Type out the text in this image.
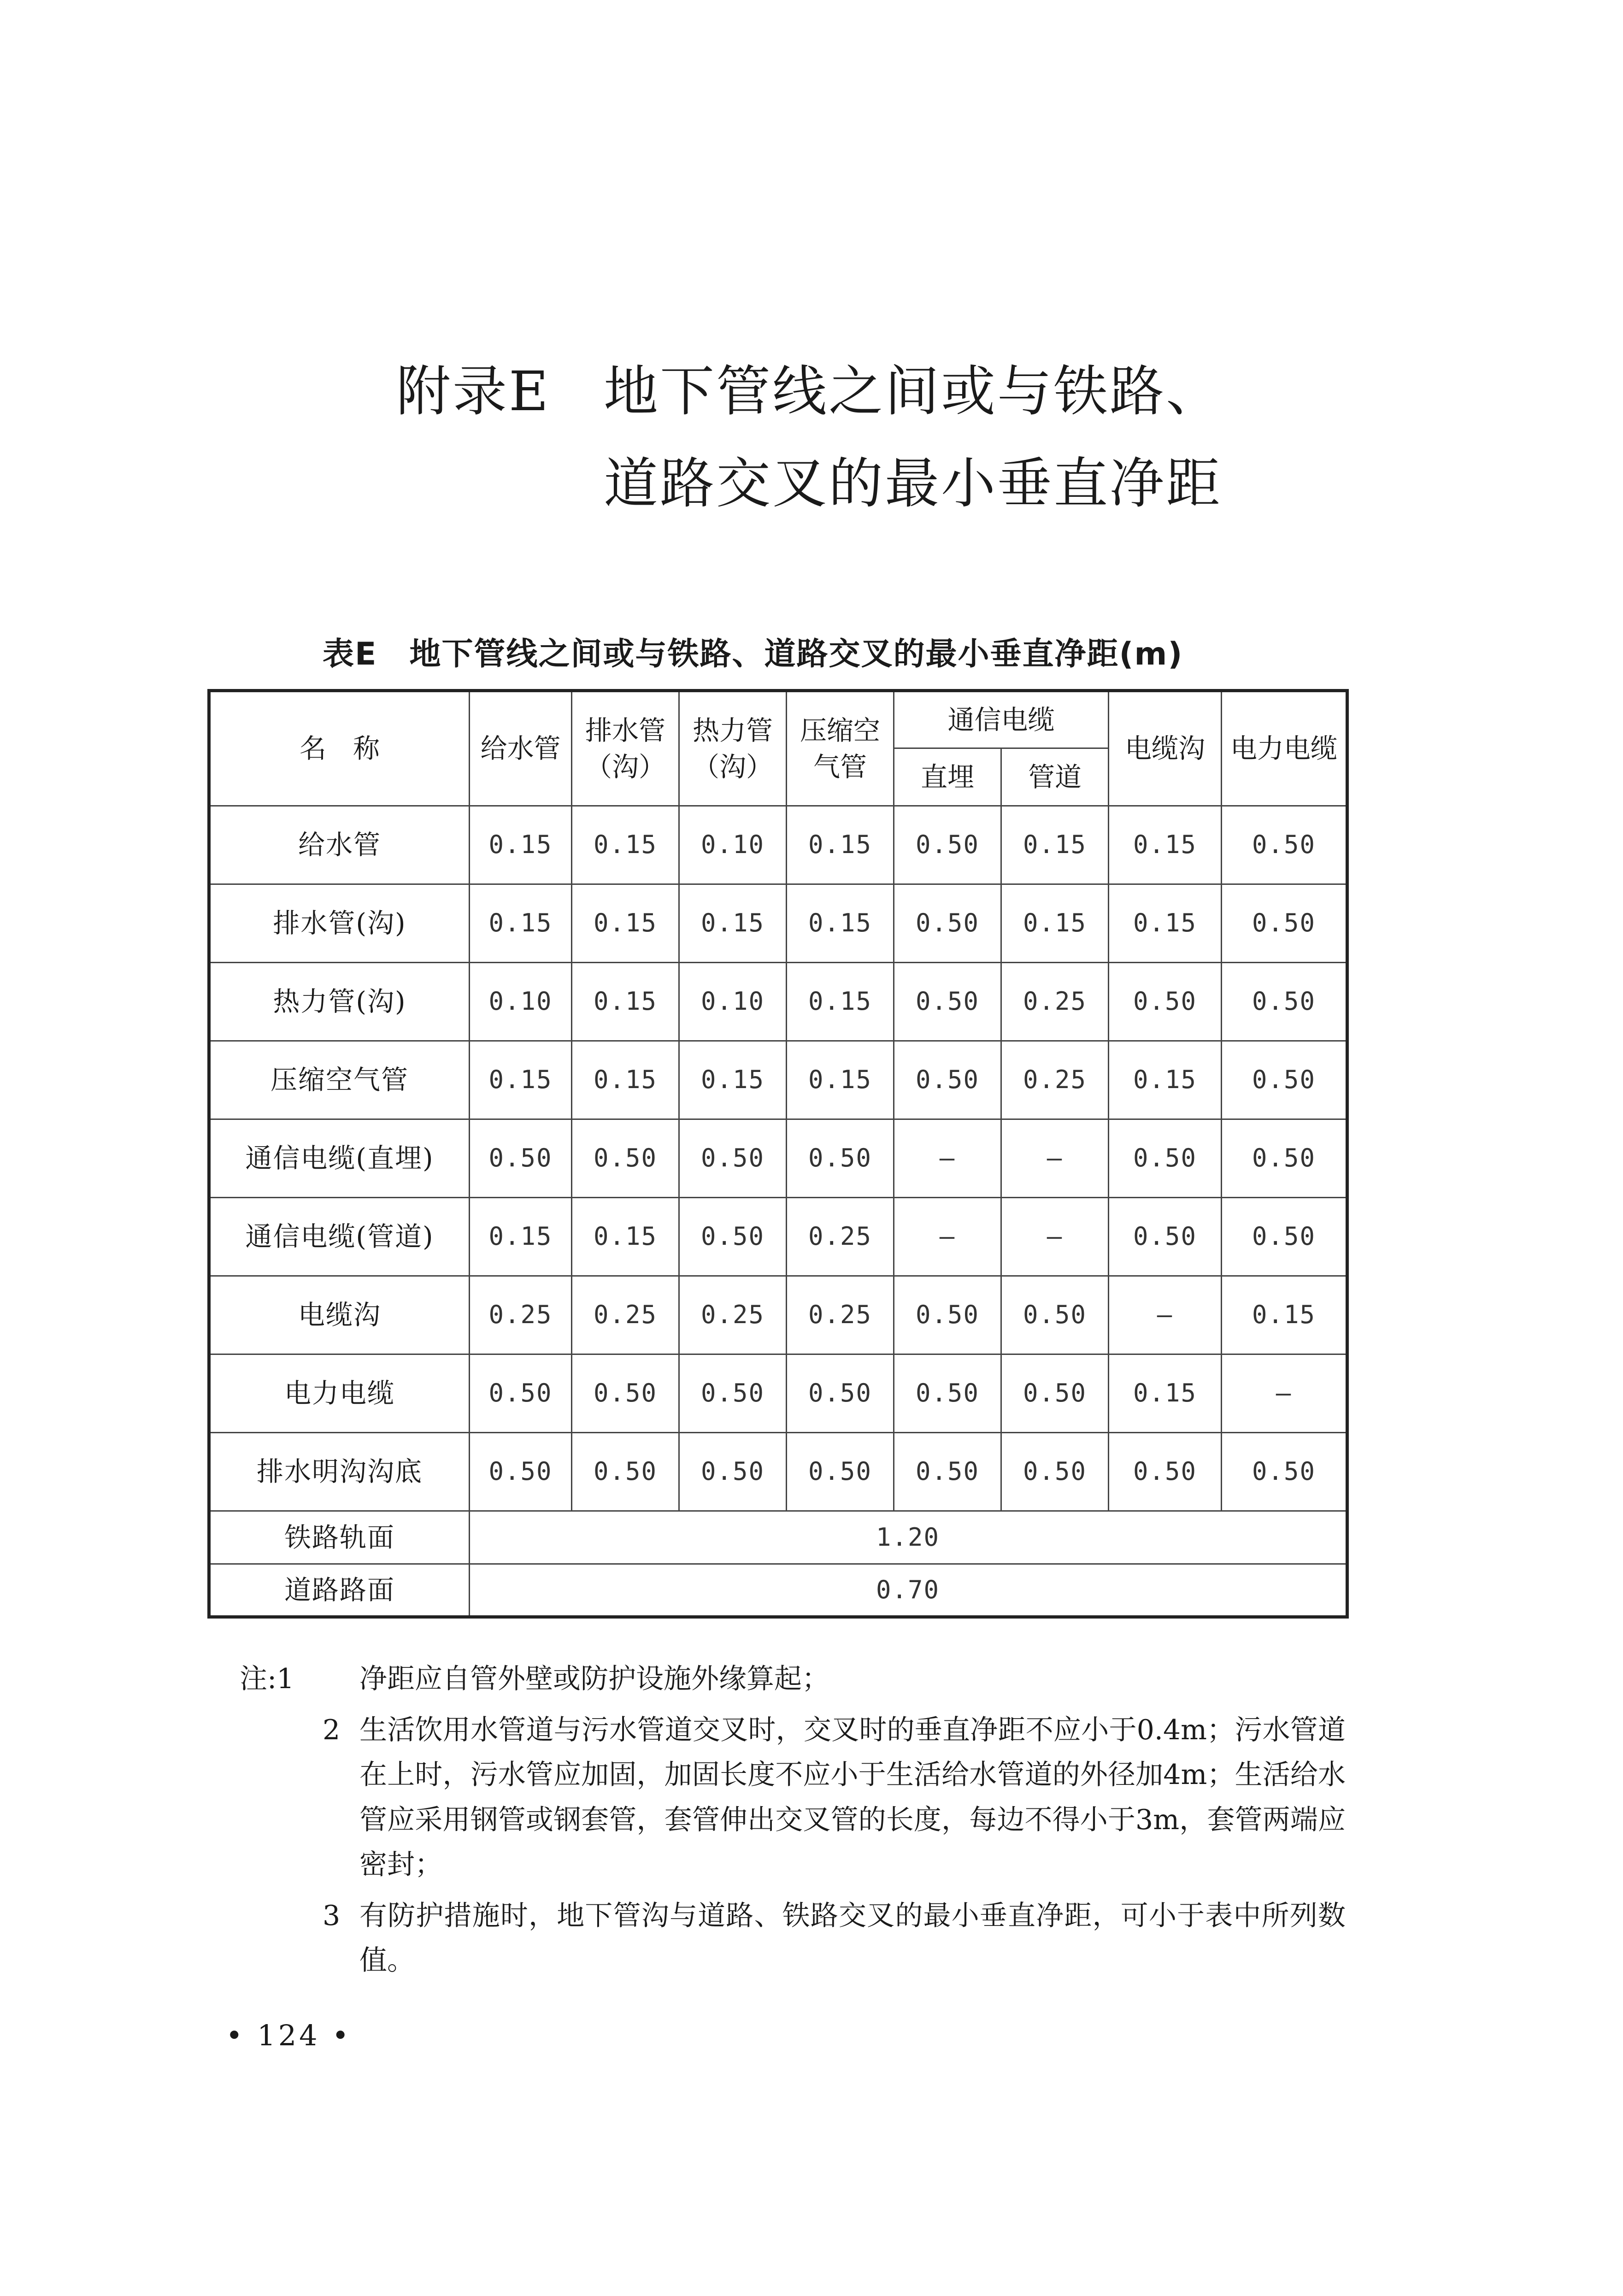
附录E 地下管线之间或与铁路、
道路交叉的最小垂直净距
表E 地下管线之间或与铁路、道路交叉的最小垂直净距(m)
名　称	给水管	排水管（沟）	热力管（沟）	压缩空气管	通信电缆		电缆沟	电力电缆
					直埋	管道		
给水管	0.15	0.15	0.10	0.15	0.50	0.15	0.15	0.50
排水管(沟)	0.15	0.15	0.15	0.15	0.50	0.15	0.15	0.50
热力管(沟)	0.10	0.15	0.10	0.15	0.50	0.25	0.50	0.50
压缩空气管	0.15	0.15	0.15	0.15	0.50	0.25	0.15	0.50
通信电缆(直埋)	0.50	0.50	0.50	0.50	—	—	0.50	0.50
通信电缆(管道)	0.15	0.15	0.50	0.25	—	—	0.50	0.50
电缆沟	0.25	0.25	0.25	0.25	0.50	0.50	—	0.15
电力电缆	0.50	0.50	0.50	0.50	0.50	0.50	0.15	—
排水明沟沟底	0.50	0.50	0.50	0.50	0.50	0.50	0.50	0.50
铁路轨面	1.20							
道路路面	0.70							
注:1 净距应自管外壁或防护设施外缘算起；
2 生活饮用水管道与污水管道交叉时，交叉时的垂直净距不应小于0.4m；污水管道在上时，污水管应加固，加固长度不应小于生活给水管道的外径加4m；生活给水管应采用钢管或钢套管，套管伸出交叉管的长度，每边不得小于3m，套管两端应密封；
3 有防护措施时，地下管沟与道路、铁路交叉的最小垂直净距，可小于表中所列数值。
• 124 •
